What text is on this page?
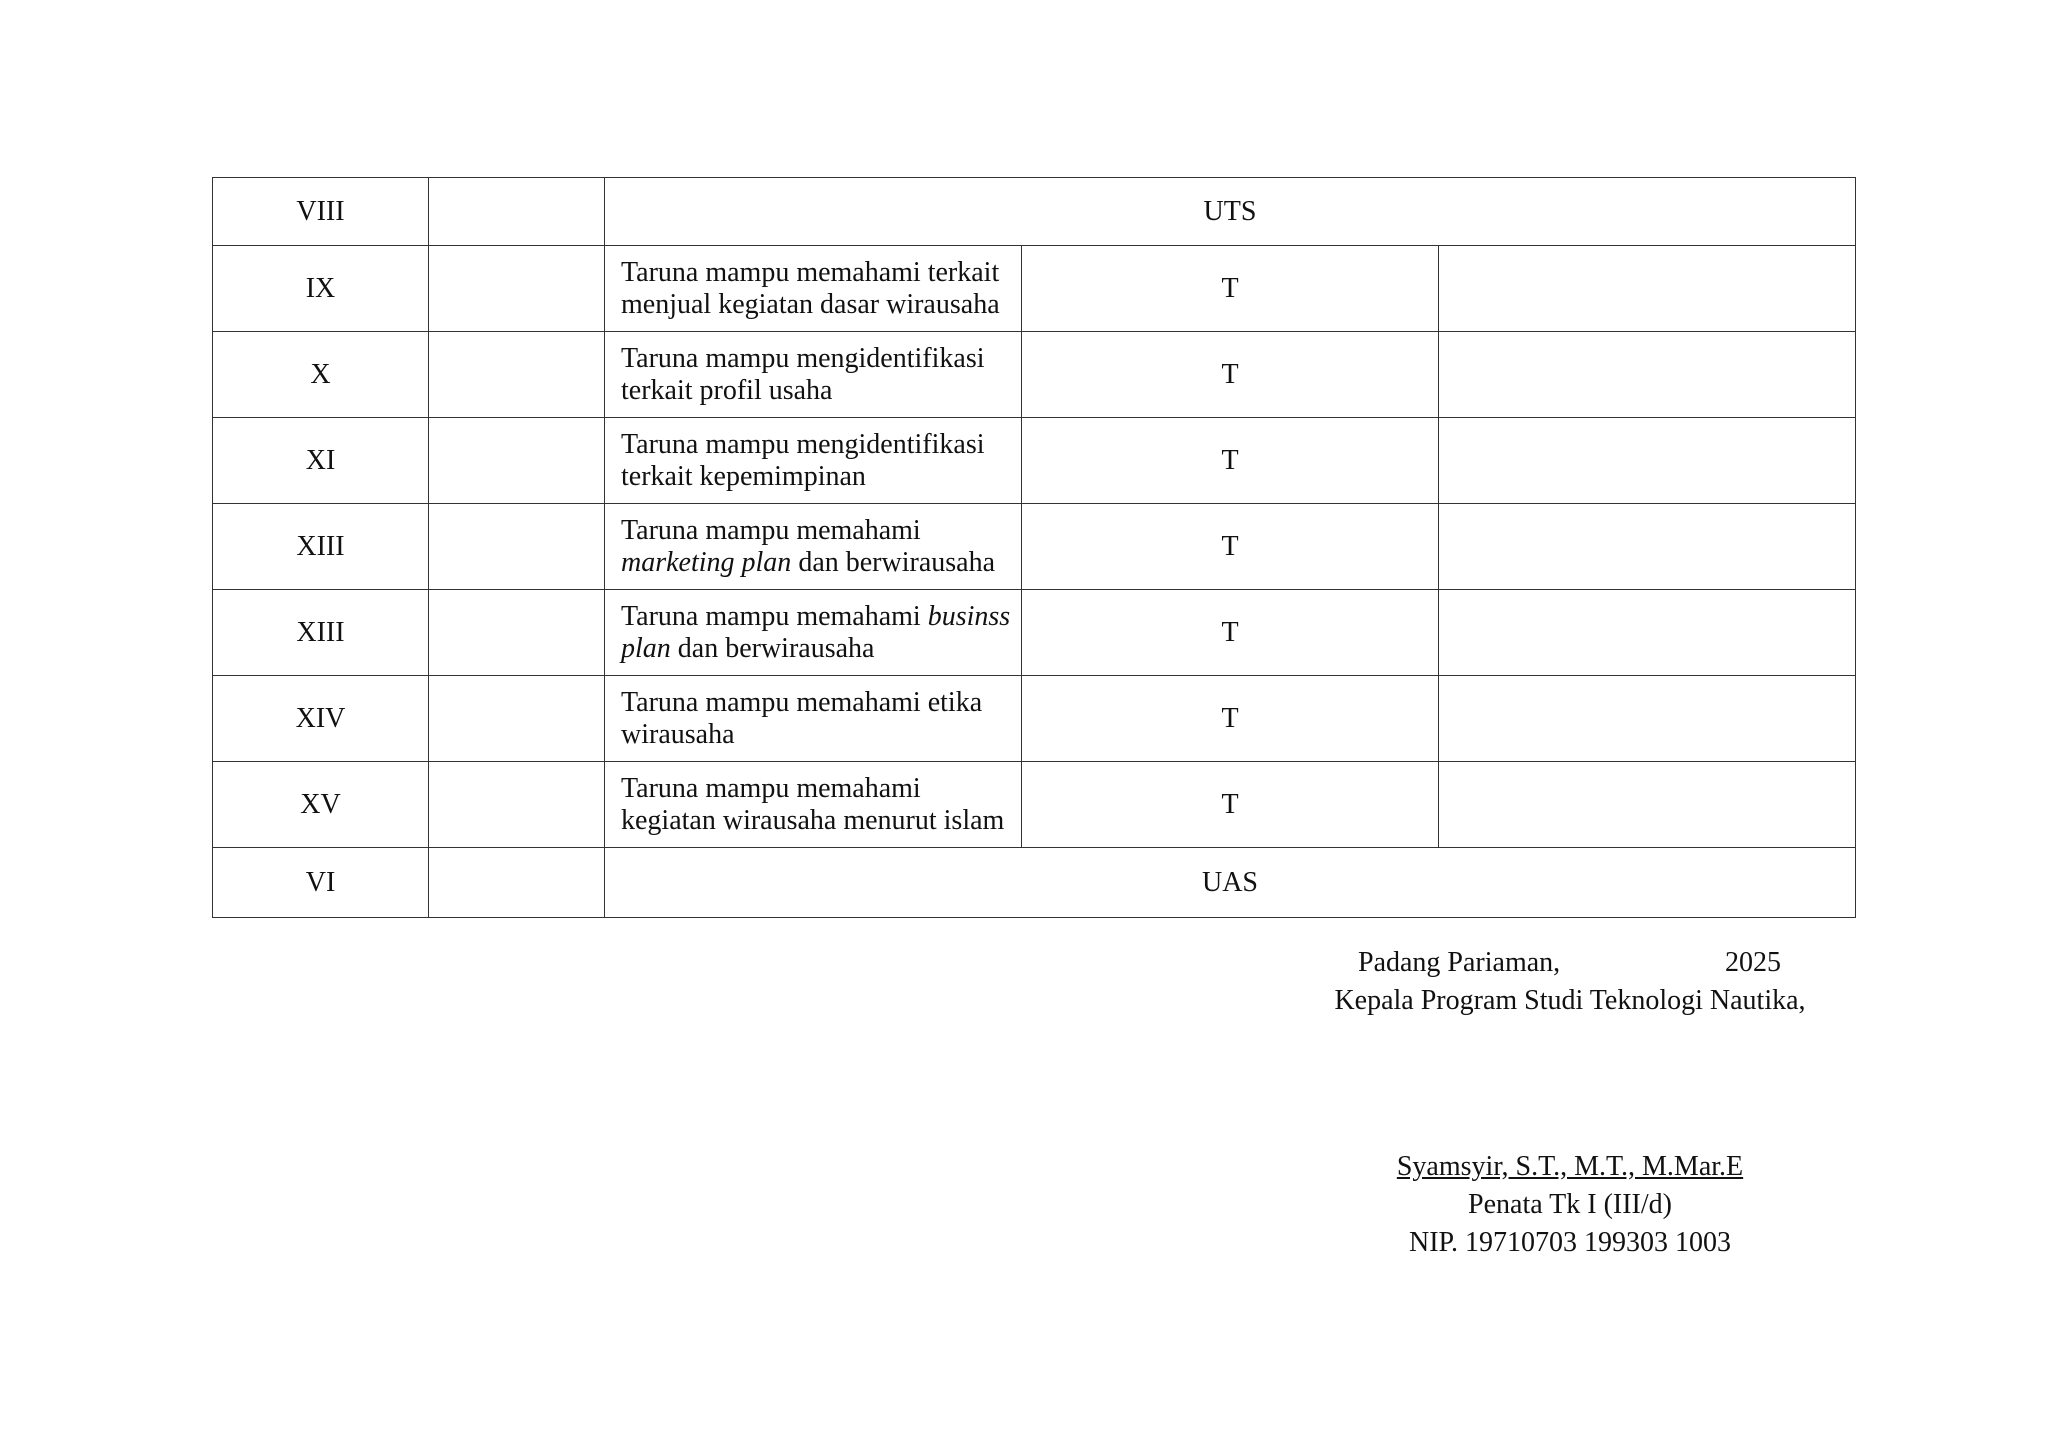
VIII		UTS		
IX		Taruna mampu memahami terkait menjual kegiatan dasar wirausaha	T	
X		Taruna mampu mengidentifikasi terkait profil usaha	T	
XI		Taruna mampu mengidentifikasi terkait kepemimpinan	T	
XIII		Taruna mampu memahami marketing plan dan berwirausaha	T	
XIII		Taruna mampu memahami businss plan dan berwirausaha	T	
XIV		Taruna mampu memahami etika wirausaha	T	
XV		Taruna mampu memahami kegiatan wirausaha menurut islam	T	
VI		UAS		
Padang Pariaman,	2025
Kepala Program Studi Teknologi Nautika,
Syamsyir, S.T., M.T., M.Mar.E
Penata Tk I (III/d)
NIP. 19710703 199303 1003
